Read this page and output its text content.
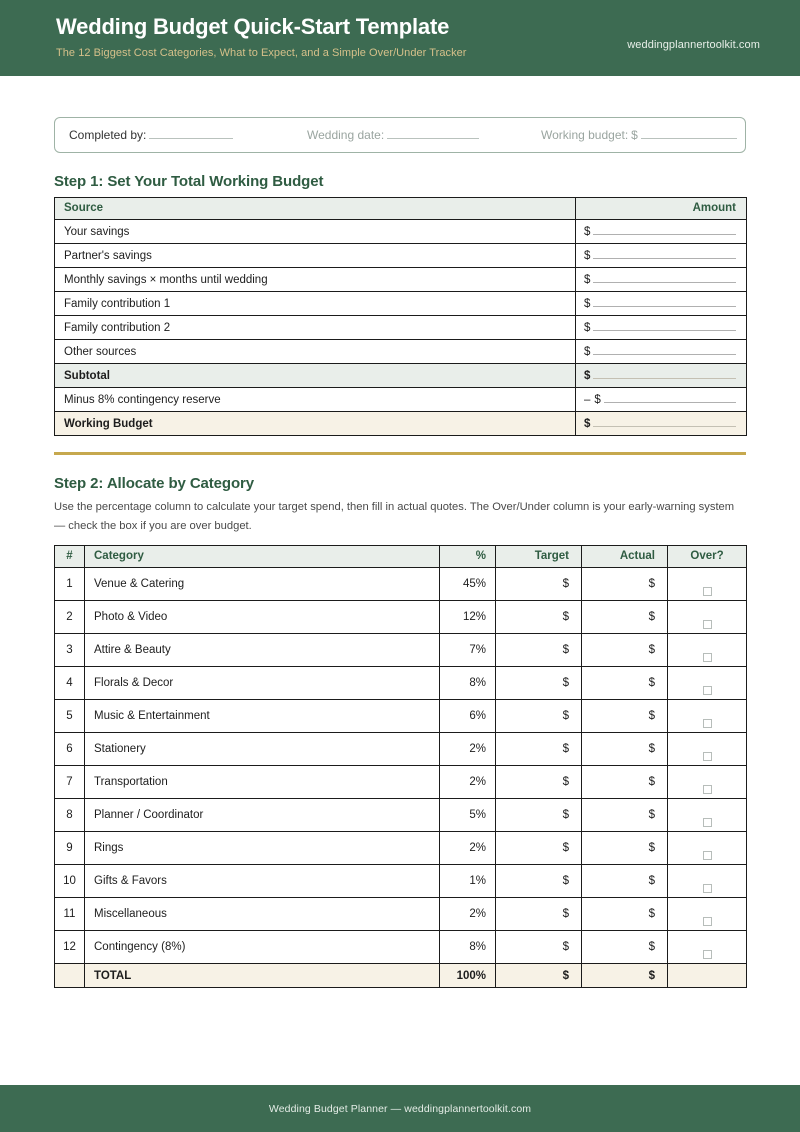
Wedding Budget Quick-Start Template
The 12 Biggest Cost Categories, What to Expect, and a Simple Over/Under Tracker
weddingplannertoolkit.com
Completed by:	Wedding date:	Working budget: $
Step 1: Set Your Total Working Budget
Source	Amount
Your savings	$

Partner's savings	$

Monthly savings × months until wedding	$

Family contribution 1	$

Family contribution 2	$

Other sources	$

Subtotal	$

Minus 8% contingency reserve	– $

Working Budget	$
Step 2: Allocate by Category
Use the percentage column to calculate your target spend, then fill in actual quotes. The Over/Under column is your early-warning system — check the box if you are over budget.
#	Category	%	Target	Actual	Over?
1	Venue & Catering	45%	$	$	
2	Photo & Video	12%	$	$	
3	Attire & Beauty	7%	$	$	
4	Florals & Decor	8%	$	$	
5	Music & Entertainment	6%	$	$	
6	Stationery	2%	$	$	
7	Transportation	2%	$	$	
8	Planner / Coordinator	5%	$	$	
9	Rings	2%	$	$	
10	Gifts & Favors	1%	$	$	
11	Miscellaneous	2%	$	$	
12	Contingency (8%)	8%	$	$	
	TOTAL	100%	$	$	
Wedding Budget Planner — weddingplannertoolkit.com
